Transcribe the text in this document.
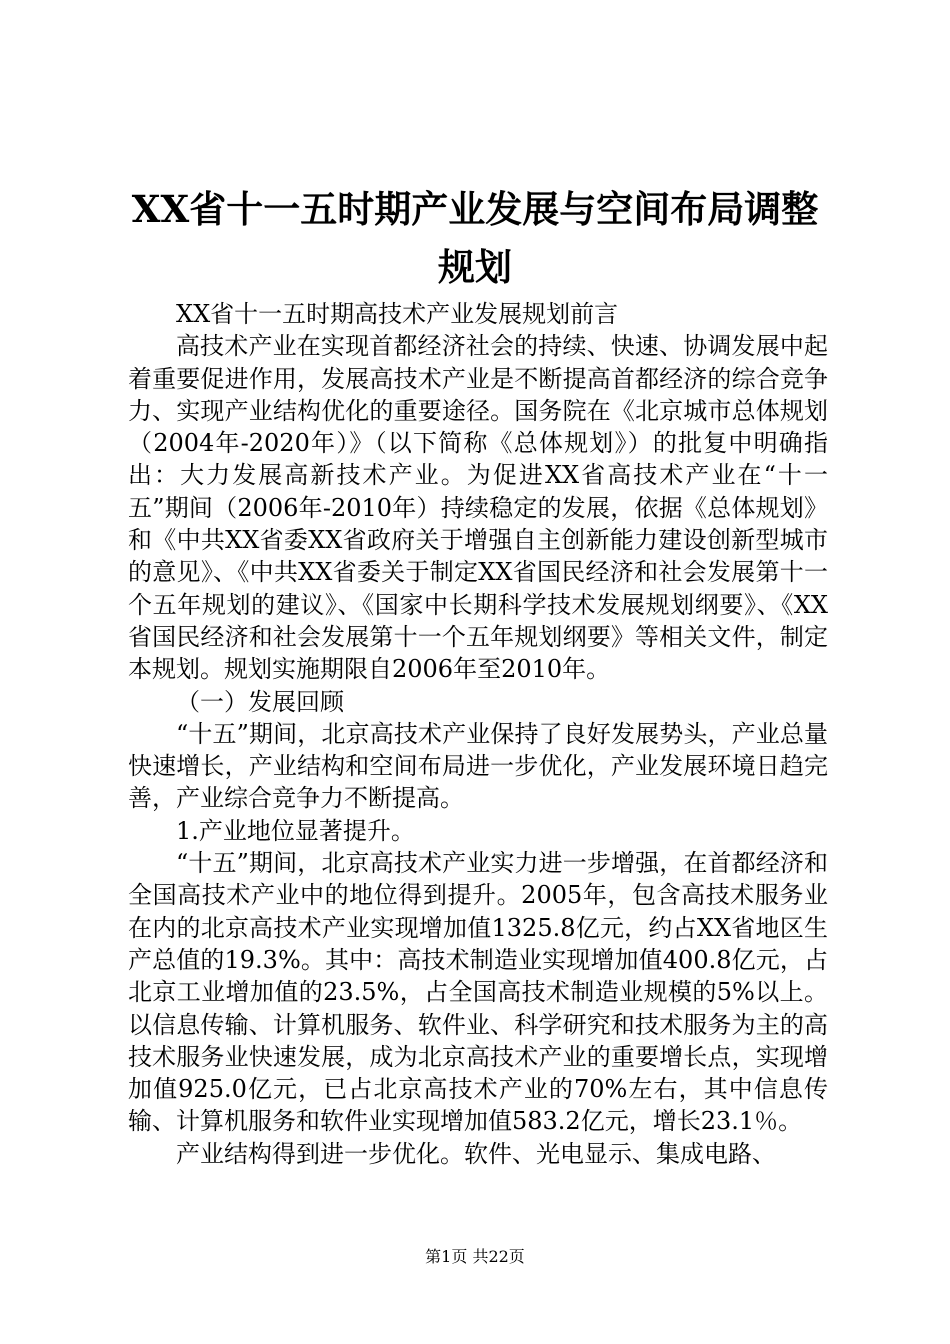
XX省十一五时期产业发展与空间布局调整规划

XX省十一五时期高技术产业发展规划前言

高技术产业在实现首都经济社会的持续、快速、协调发展中起着重要促进作用，发展高技术产业是不断提高首都经济的综合竞争力、实现产业结构优化的重要途径。国务院在《北京城市总体规划（2004年-2020年）》（以下简称《总体规划》）的批复中明确指出：大力发展高新技术产业。为促进XX省高技术产业在“十一五”期间（2006年-2010年）持续稳定的发展，依据《总体规划》和《中共XX省委XX省政府关于增强自主创新能力建设创新型城市的意见》、《中共XX省委关于制定XX省国民经济和社会发展第十一个五年规划的建议》、《国家中长期科学技术发展规划纲要》、《XX省国民经济和社会发展第十一个五年规划纲要》等相关文件，制定本规划。规划实施期限自2006年至2010年。

（一）发展回顾

“十五”期间，北京高技术产业保持了良好发展势头，产业总量快速增长，产业结构和空间布局进一步优化，产业发展环境日趋完善，产业综合竞争力不断提高。

1.产业地位显著提升。

“十五”期间，北京高技术产业实力进一步增强，在首都经济和全国高技术产业中的地位得到提升。2005年，包含高技术服务业在内的北京高技术产业实现增加值1325.8亿元，约占XX省地区生产总值的19.3%。其中：高技术制造业实现增加值400.8亿元，占北京工业增加值的23.5%，占全国高技术制造业规模的5%以上。以信息传输、计算机服务、软件业、科学研究和技术服务为主的高技术服务业快速发展，成为北京高技术产业的重要增长点，实现增加值925.0亿元，已占北京高技术产业的70%左右，其中信息传输、计算机服务和软件业实现增加值583.2亿元，增长23.1％。

产业结构得到进一步优化。软件、光电显示、集成电路、

第1页 共22页
